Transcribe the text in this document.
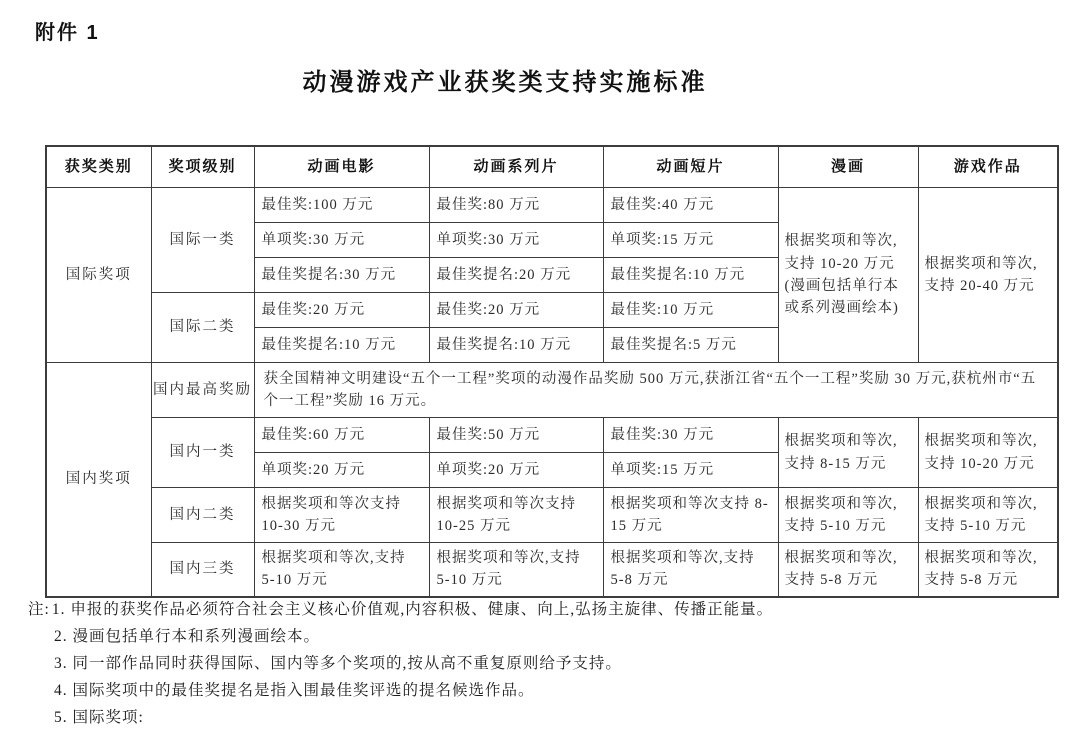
附件 1
动漫游戏产业获奖类支持实施标准
获奖类别	奖项级别	动画电影	动画系列片	动画短片	漫画	游戏作品
国际奖项	国际一类	最佳奖:100 万元	最佳奖:80 万元	最佳奖:40 万元	根据奖项和等次,支持 10-20 万元(漫画包括单行本或系列漫画绘本)	根据奖项和等次,支持 20-40 万元
		单项奖:30 万元	单项奖:30 万元	单项奖:15 万元		
		最佳奖提名:30 万元	最佳奖提名:20 万元	最佳奖提名:10 万元		
	国际二类	最佳奖:20 万元	最佳奖:20 万元	最佳奖:10 万元		
		最佳奖提名:10 万元	最佳奖提名:10 万元	最佳奖提名:5 万元		
国内奖项	国内最高奖励	获全国精神文明建设“五个一工程”奖项的动漫作品奖励 500 万元,获浙江省“五个一工程”奖励 30 万元,获杭州市“五个一工程”奖励 16 万元。				
	国内一类	最佳奖:60 万元	最佳奖:50 万元	最佳奖:30 万元	根据奖项和等次,支持 8-15 万元	根据奖项和等次,支持 10-20 万元
		单项奖:20 万元	单项奖:20 万元	单项奖:15 万元		
	国内二类	根据奖项和等次支持 10-30 万元	根据奖项和等次支持 10-25 万元	根据奖项和等次支持 8-15 万元	根据奖项和等次,支持 5-10 万元	根据奖项和等次,支持 5-10 万元
	国内三类	根据奖项和等次,支持 5-10 万元	根据奖项和等次,支持 5-10 万元	根据奖项和等次,支持 5-8 万元	根据奖项和等次,支持 5-8 万元	根据奖项和等次,支持 5-8 万元
注: 1. 申报的获奖作品必须符合社会主义核心价值观,内容积极、健康、向上,弘扬主旋律、传播正能量。
2. 漫画包括单行本和系列漫画绘本。
3. 同一部作品同时获得国际、国内等多个奖项的,按从高不重复原则给予支持。
4. 国际奖项中的最佳奖提名是指入围最佳奖评选的提名候选作品。
5. 国际奖项:
